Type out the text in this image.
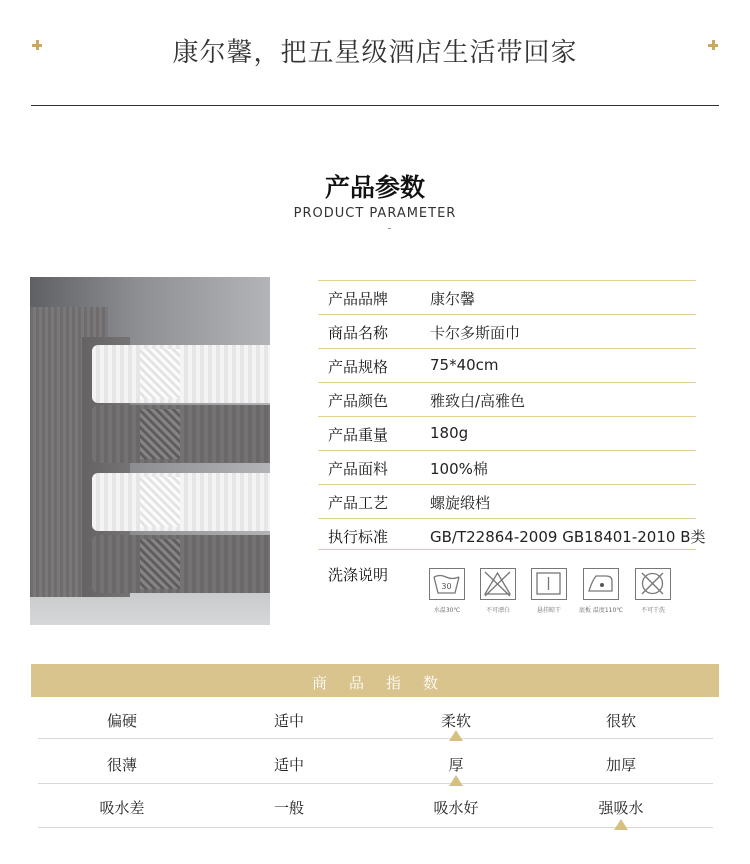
康尔馨，把五星级酒店生活带回家
产品参数
PRODUCT PARAMETER
产品品牌	康尔馨
商品名称	卡尔多斯面巾
产品规格	75*40cm
产品颜色	雅致白/高雅色
产品重量	180g
产品面料	100%棉
产品工艺	螺旋缎档
执行标准	GB/T22864-2009 GB18401-2010 B类
洗涤说明
30
水温30℃	不可漂白	悬挂晾干	底板 温度110℃	不可干洗
商品指数
偏硬	适中	柔软	很软
很薄	适中	厚	加厚
吸水差	一般	吸水好	强吸水
